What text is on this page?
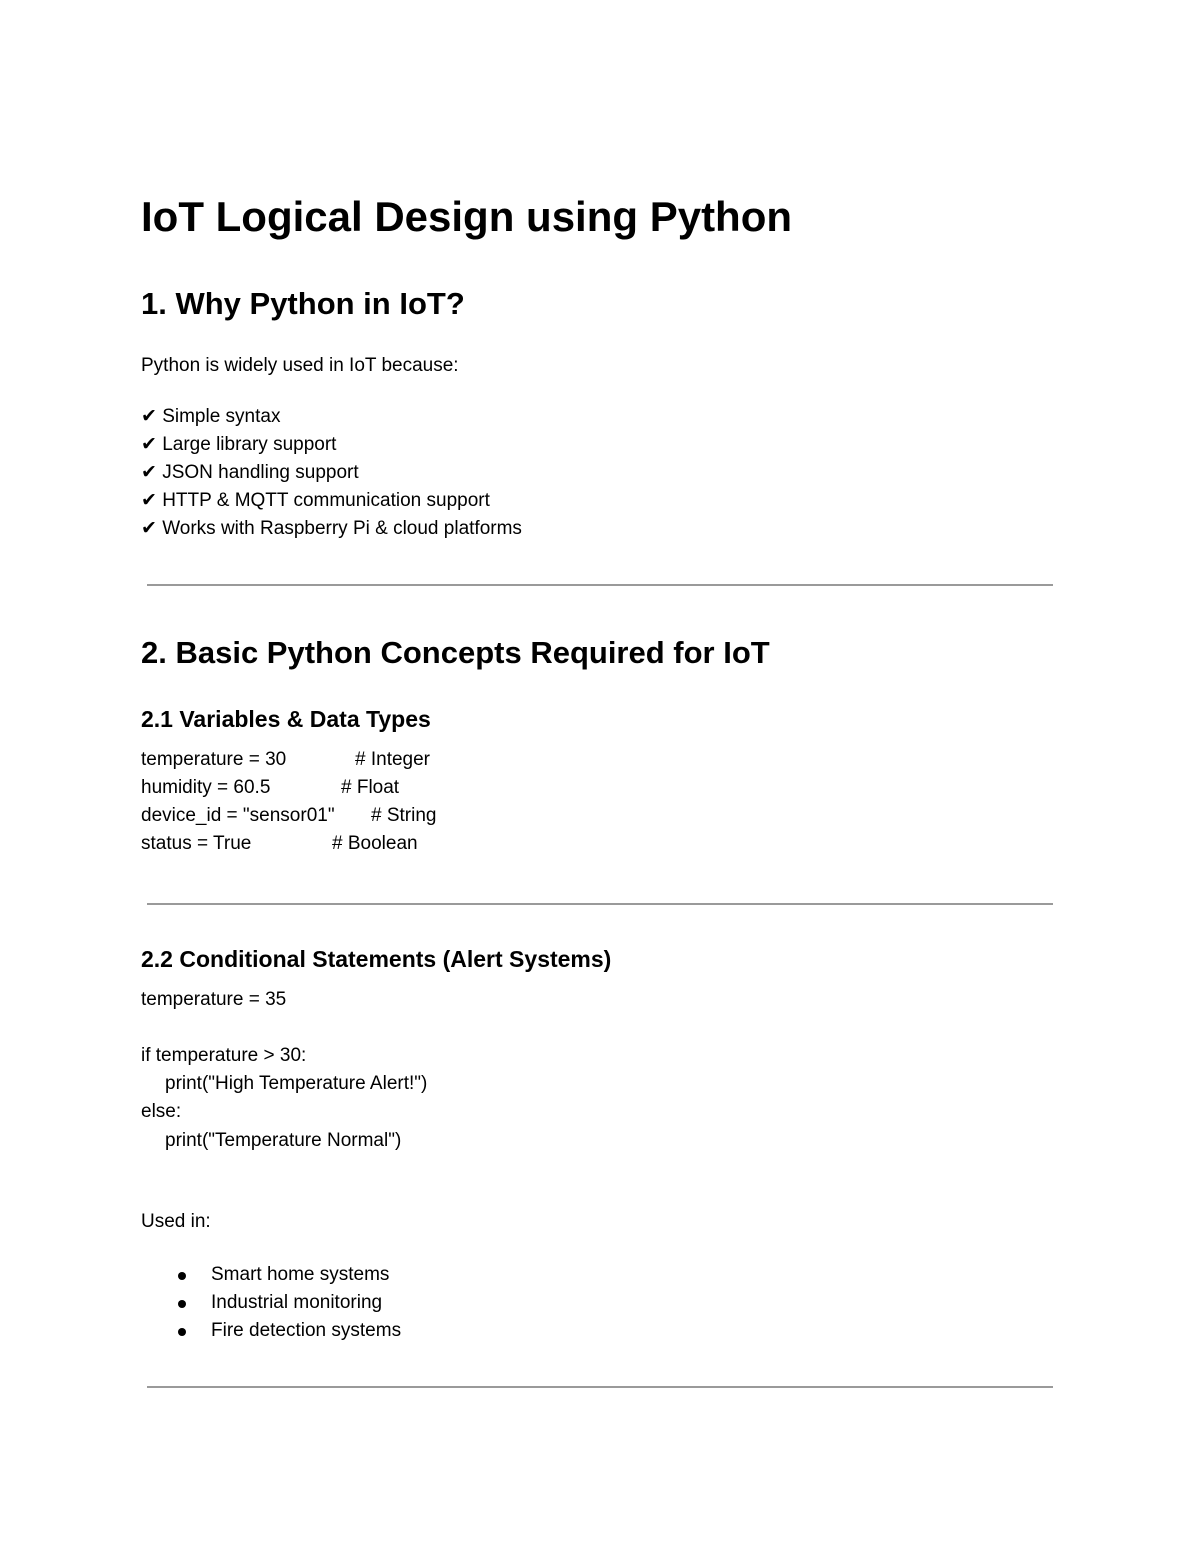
IoT Logical Design using Python
1. Why Python in IoT?

Python is widely used in IoT because:

✔ Simple syntax

✔ Large library support

✔ JSON handling support

✔ HTTP & MQTT communication support

✔ Works with Raspberry Pi & cloud platforms

2. Basic Python Concepts Required for IoT
2.1 Variables & Data Types

temperature = 30	# Integer

humidity = 60.5	# Float

device_id = "sensor01" # String

status = True	# Boolean

2.2 Conditional Statements (Alert Systems)

temperature = 35

if temperature > 30:

print("High Temperature Alert!")

else:

print("Temperature Normal")

Used in:

Smart home systems

Industrial monitoring

Fire detection systems
